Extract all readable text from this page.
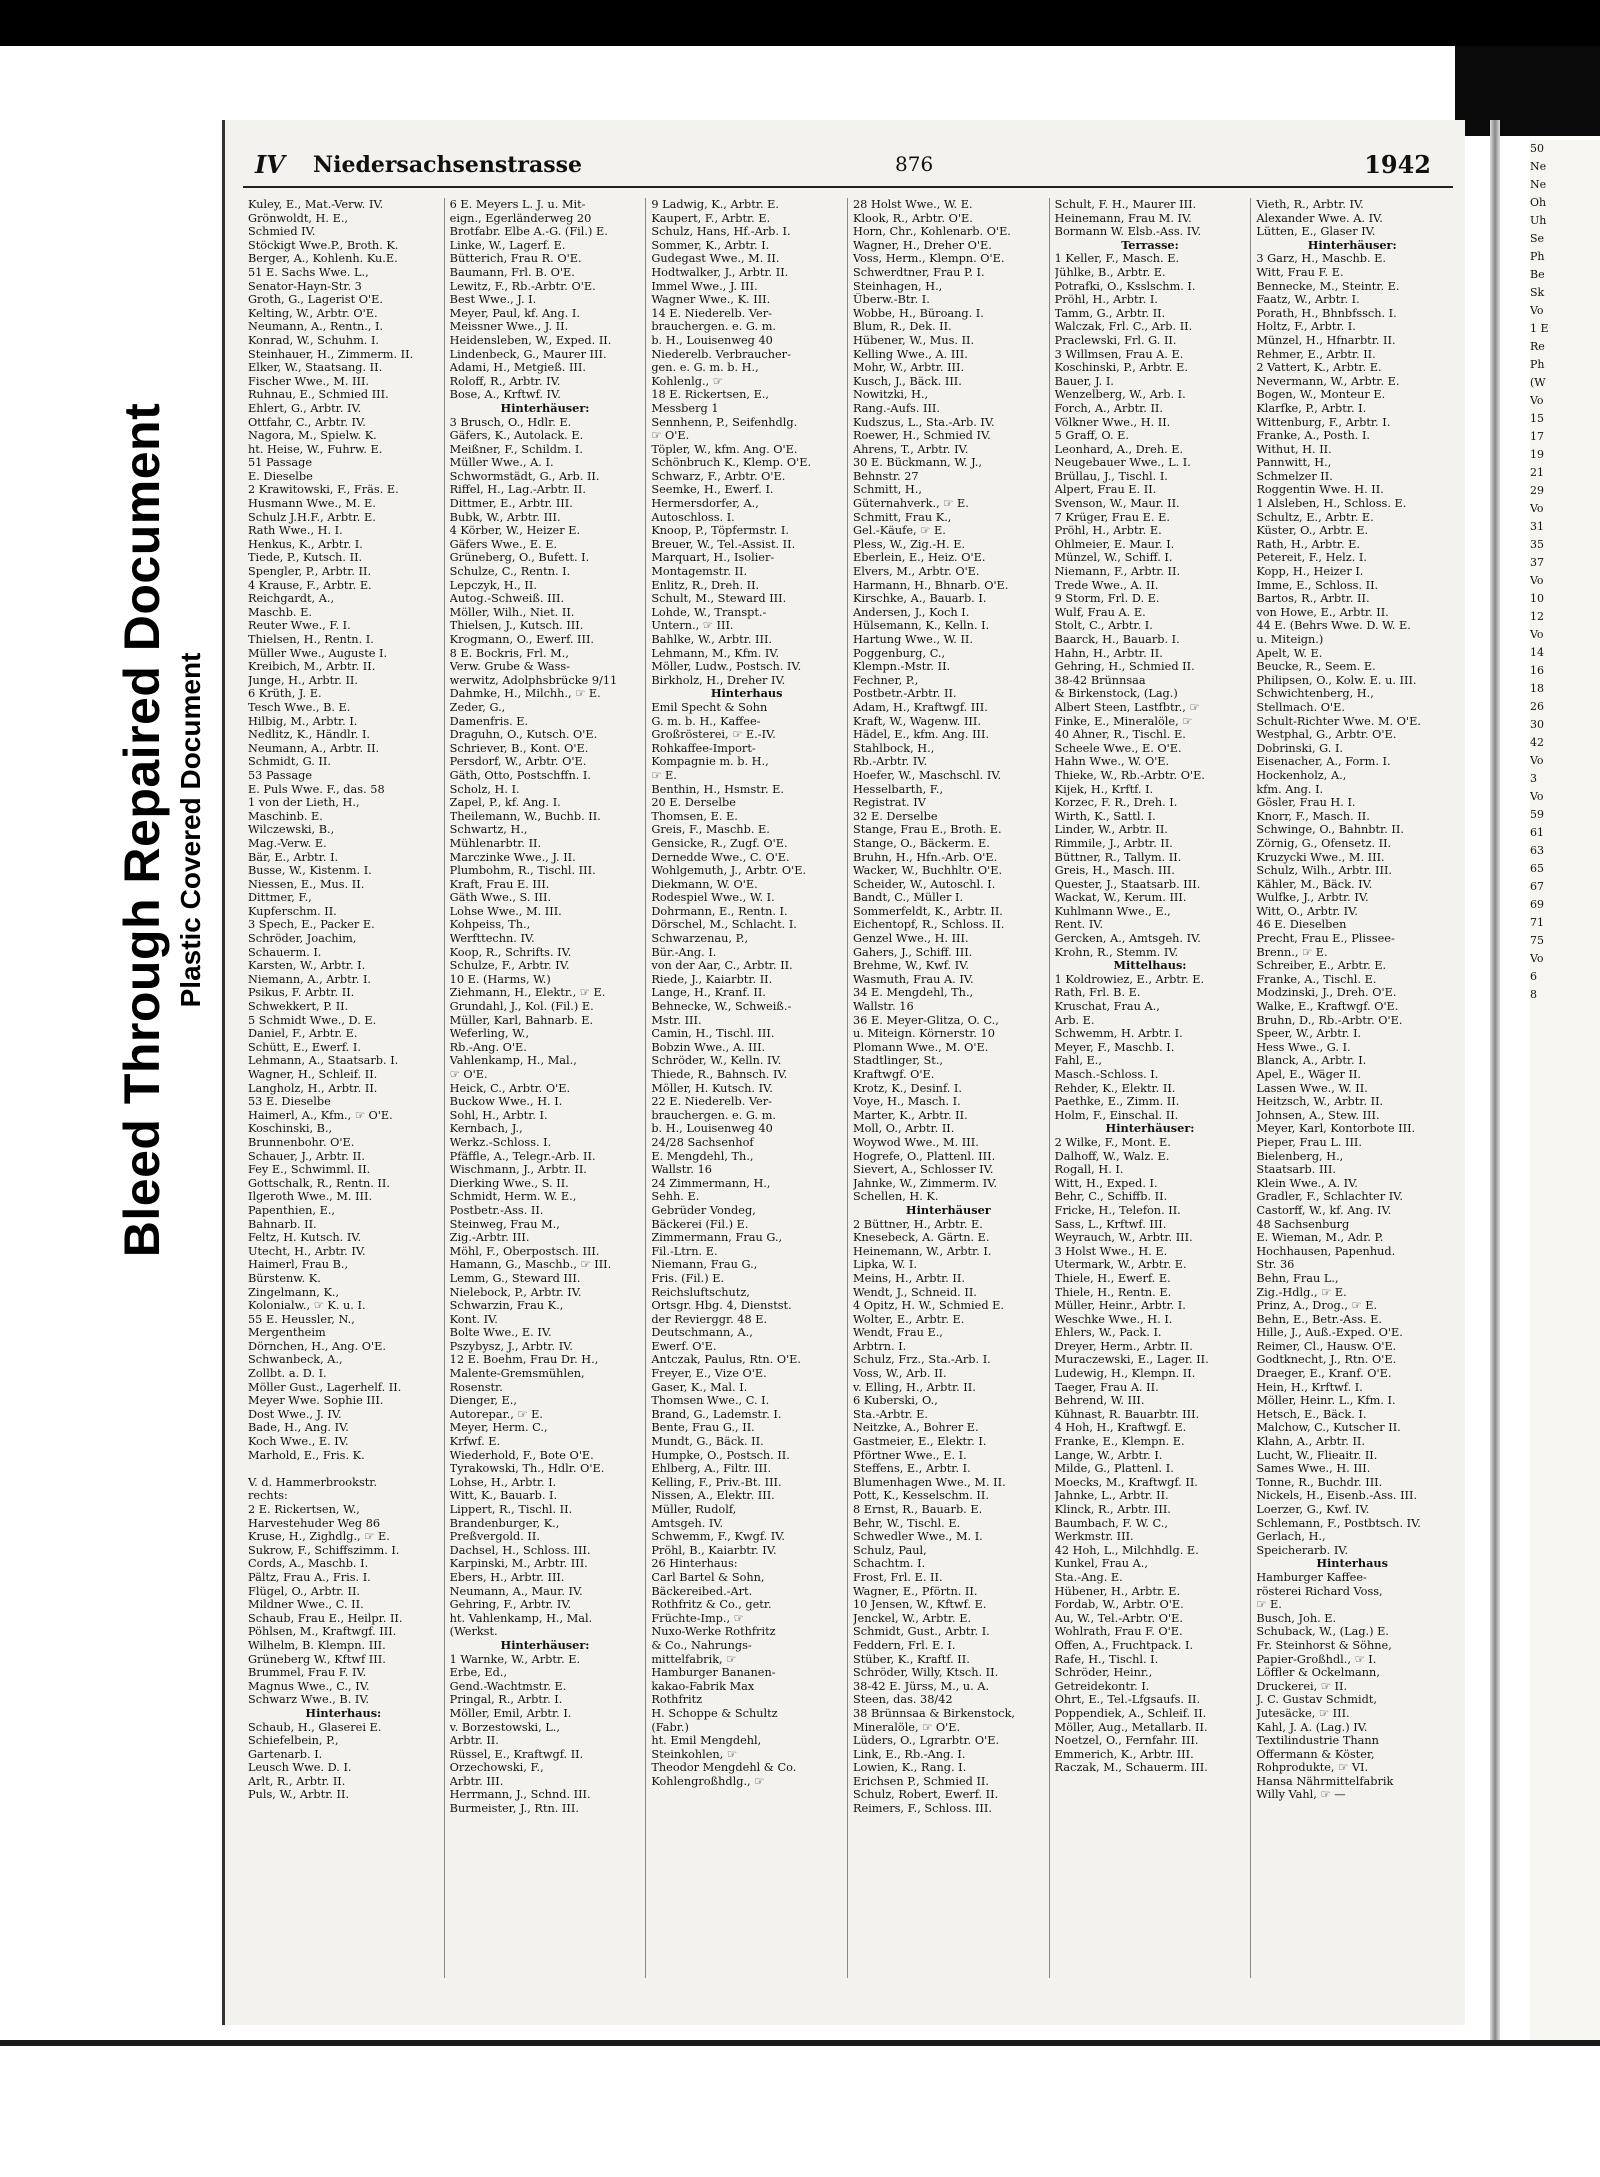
Bleed Through Repaired Document Plastic Covered Document
IV Niedersachsenstrasse	876	1942
Kuley, E., Mat.-Verw. IV.
Grönwoldt, H. E.,
Schmied IV.
Stöckigt Wwe.P., Broth. K.
Berger, A., Kohlenh. Ku.E.
51 E. Sachs Wwe. L.,
Senator-Hayn-Str. 3
Groth, G., Lagerist O'E.
Kelting, W., Arbtr. O'E.
Neumann, A., Rentn., I.
Konrad, W., Schuhm. I.
Steinhauer, H., Zimmerm. II.
Elker, W., Staatsang. II.
Fischer Wwe., M. III.
Ruhnau, E., Schmied III.
Ehlert, G., Arbtr. IV.
Ottfahr, C., Arbtr. IV.
Nagora, M., Spielw. K.
ht. Heise, W., Fuhrw. E.
51 Passage
E. Dieselbe
2 Krawitowski, F., Fräs. E.
Husmann Wwe., M. E.
Schulz J.H.F., Arbtr. E.
Rath Wwe., H. I.
Henkus, K., Arbtr. I.
Tiede, P., Kutsch. II.
Spengler, P., Arbtr. II.
4 Krause, F., Arbtr. E.
Reichgardt, A.,
Maschb. E.
Reuter Wwe., F. I.
Thielsen, H., Rentn. I.
Müller Wwe., Auguste I.
Kreibich, M., Arbtr. II.
Junge, H., Arbtr. II.
6 Krüth, J. E.
Tesch Wwe., B. E.
Hilbig, M., Arbtr. I.
Nedlitz, K., Händlr. I.
Neumann, A., Arbtr. II.
Schmidt, G. II.
53 Passage
E. Puls Wwe. F., das. 58
1 von der Lieth, H.,
Maschinb. E.
Wilczewski, B.,
Mag.-Verw. E.
Bär, E., Arbtr. I.
Busse, W., Kistenm. I.
Niessen, E., Mus. II.
Dittmer, F.,
Kupferschm. II.
3 Spech, E., Packer E.
Schröder, Joachim,
Schauerm. I.
Karsten, W., Arbtr. I.
Niemann, A., Arbtr. I.
Psikus, F. Arbtr. II.
Schwekkert, P. II.
5 Schmidt Wwe., D. E.
Daniel, F., Arbtr. E.
Schütt, E., Ewerf. I.
Lehmann, A., Staatsarb. I.
Wagner, H., Schleif. II.
Langholz, H., Arbtr. II.
53 E. Dieselbe
Haimerl, A., Kfm., ☞ O'E.
Koschinski, B.,
Brunnenbohr. O'E.
Schauer, J., Arbtr. II.
Fey E., Schwimml. II.
Gottschalk, R., Rentn. II.
Ilgeroth Wwe., M. III.
Papenthien, E.,
Bahnarb. II.
Feltz, H. Kutsch. IV.
Utecht, H., Arbtr. IV.
Haimerl, Frau B.,
Bürstenw. K.
Zingelmann, K.,
Kolonialw., ☞ K. u. I.
55 E. Heussler, N.,
Mergentheim
Dörnchen, H., Ang. O'E.
Schwanbeck, A.,
Zollbt. a. D. I.
Möller Gust., Lagerhelf. II.
Meyer Wwe. Sophie III.
Dost Wwe., J. IV.
Bade, H., Ang. IV.
Koch Wwe., E. IV.
Marhold, E., Fris. K.

V. d. Hammerbrookstr.
rechts:
2 E. Rickertsen, W.,
Harvestehuder Weg 86
Kruse, H., Zighdlg., ☞ E.
Sukrow, F., Schiffszimm. I.
Cords, A., Maschb. I.
Pältz, Frau A., Fris. I.
Flügel, O., Arbtr. II.
Mildner Wwe., C. II.
Schaub, Frau E., Heilpr. II.
Pöhlsen, M., Kraftwgf. III.
Wilhelm, B. Klempn. III.
Grüneberg W., Kftwf III.
Brummel, Frau F. IV.
Magnus Wwe., C., IV.
Schwarz Wwe., B. IV.
Hinterhaus:
Schaub, H., Glaserei E.
Schiefelbein, P.,
Gartenarb. I.
Leusch Wwe. D. I.
Arlt, R., Arbtr. II.
Puls, W., Arbtr. II.
6 E. Meyers L. J. u. Mit-
eign., Egerländerweg 20
Brotfabr. Elbe A.-G. (Fil.) E.
Linke, W., Lagerf. E.
Bütterich, Frau R. O'E.
Baumann, Frl. B. O'E.
Lewitz, F., Rb.-Arbtr. O'E.
Best Wwe., J. I.
Meyer, Paul, kf. Ang. I.
Meissner Wwe., J. II.
Heidensleben, W., Exped. II.
Lindenbeck, G., Maurer III.
Adami, H., Metgieß. III.
Roloff, R., Arbtr. IV.
Bose, A., Krftwf. IV.
Hinterhäuser:
3 Brusch, O., Hdlr. E.
Gäfers, K., Autolack. E.
Meißner, F., Schildm. I.
Müller Wwe., A. I.
Schwormstädt, G., Arb. II.
Riffel, H., Lag.-Arbtr. II.
Dittmer, E., Arbtr. III.
Bubk, W., Arbtr. III.
4 Körber, W., Heizer E.
Gäfers Wwe., E. E.
Grüneberg, O., Bufett. I.
Schulze, C., Rentn. I.
Lepczyk, H., II.
Autog.-Schweiß. III.
Möller, Wilh., Niet. II.
Thielsen, J., Kutsch. III.
Krogmann, O., Ewerf. III.
8 E. Bockris, Frl. M.,
Verw. Grube & Wass-
werwitz, Adolphsbrücke 9/11
Dahmke, H., Milchh., ☞ E.
Zeder, G.,
Damenfris. E.
Draguhn, O., Kutsch. O'E.
Schriever, B., Kont. O'E.
Persdorf, W., Arbtr. O'E.
Gäth, Otto, Postschffn. I.
Scholz, H. I.
Zapel, P., kf. Ang. I.
Theilemann, W., Buchb. II.
Schwartz, H.,
Mühlenarbtr. II.
Marczinke Wwe., J. II.
Plumbohm, R., Tischl. III.
Kraft, Frau E. III.
Gäth Wwe., S. III.
Lohse Wwe., M. III.
Kohpeiss, Th.,
Werfttechn. IV.
Koop, R., Schrifts. IV.
Schulze, F., Arbtr. IV.
10 E. (Harms, W.)
Ziehmann, H., Elektr., ☞ E.
Grundahl, J., Kol. (Fil.) E.
Müller, Karl, Bahnarb. E.
Weferling, W.,
Rb.-Ang. O'E.
Vahlenkamp, H., Mal.,
☞ O'E.
Heick, C., Arbtr. O'E.
Buckow Wwe., H. I.
Sohl, H., Arbtr. I.
Kernbach, J.,
Werkz.-Schloss. I.
Pfäffle, A., Telegr.-Arb. II.
Wischmann, J., Arbtr. II.
Dierking Wwe., S. II.
Schmidt, Herm. W. E.,
Postbetr.-Ass. II.
Steinweg, Frau M.,
Zig.-Arbtr. III.
Möhl, F., Oberpostsch. III.
Hamann, G., Maschb., ☞ III.
Lemm, G., Steward III.
Nielebock, P., Arbtr. IV.
Schwarzin, Frau K.,
Kont. IV.
Bolte Wwe., E. IV.
Pszybysz, J., Arbtr. IV.
12 E. Boehm, Frau Dr. H.,
Malente-Gremsmühlen,
Rosenstr.
Dienger, E.,
Autorepar., ☞ E.
Meyer, Herm. C.,
Krfwf. E.
Wiederhold, F., Bote O'E.
Tyrakowski, Th., Hdlr. O'E.
Lohse, H., Arbtr. I.
Witt, K., Bauarb. I.
Lippert, R., Tischl. II.
Brandenburger, K.,
Preßvergold. II.
Dachsel, H., Schloss. III.
Karpinski, M., Arbtr. III.
Ebers, H., Arbtr. III.
Neumann, A., Maur. IV.
Gehring, F., Arbtr. IV.
ht. Vahlenkamp, H., Mal.
(Werkst.
Hinterhäuser:
1 Warnke, W., Arbtr. E.
Erbe, Ed.,
Gend.-Wachtmstr. E.
Pringal, R., Arbtr. I.
Möller, Emil, Arbtr. I.
v. Borzestowski, L.,
Arbtr. II.
Rüssel, E., Kraftwgf. II.
Orzechowski, F.,
Arbtr. III.
Herrmann, J., Schnd. III.
Burmeister, J., Rtn. III.
9 Ladwig, K., Arbtr. E.
Kaupert, F., Arbtr. E.
Schulz, Hans, Hf.-Arb. I.
Sommer, K., Arbtr. I.
Gudegast Wwe., M. II.
Hodtwalker, J., Arbtr. II.
Immel Wwe., J. III.
Wagner Wwe., K. III.
14 E. Niederelb. Ver-
brauchergen. e. G. m.
b. H., Louisenweg 40
Niederelb. Verbraucher-
gen. e. G. m. b. H.,
Kohlenlg., ☞
18 E. Rickertsen, E.,
Messberg 1
Sennhenn, P., Seifenhdlg.
☞ O'E.
Töpler, W., kfm. Ang. O'E.
Schönbruch K., Klemp. O'E.
Schwarz, F., Arbtr. O'E.
Seemke, H., Ewerf. I.
Hermersdorfer, A.,
Autoschloss. I.
Knoop, P., Töpfermstr. I.
Breuer, W., Tel.-Assist. II.
Marquart, H., Isolier-
Montagemstr. II.
Enlitz, R., Dreh. II.
Schult, M., Steward III.
Lohde, W., Transpt.-
Untern., ☞ III.
Bahlke, W., Arbtr. III.
Lehmann, M., Kfm. IV.
Möller, Ludw., Postsch. IV.
Birkholz, H., Dreher IV.
Hinterhaus
Emil Specht & Sohn
G. m. b. H., Kaffee-
Großrösterei, ☞ E.-IV.
Rohkaffee-Import-
Kompagnie m. b. H.,
☞ E.
Benthin, H., Hsmstr. E.
20 E. Derselbe
Thomsen, E. E.
Greis, F., Maschb. E.
Gensicke, R., Zugf. O'E.
Dernedde Wwe., C. O'E.
Wohlgemuth, J., Arbtr. O'E.
Diekmann, W. O'E.
Rodespiel Wwe., W. I.
Dohrmann, E., Rentn. I.
Dörschel, M., Schlacht. I.
Schwarzenau, P.,
Bür.-Ang. I.
von der Aar, C., Arbtr. II.
Riede, J., Kaiarbtr. II.
Lange, H., Kranf. II.
Behnecke, W., Schweiß.-
Mstr. III.
Camin, H., Tischl. III.
Bobzin Wwe., A. III.
Schröder, W., Kelln. IV.
Thiede, R., Bahnsch. IV.
Möller, H. Kutsch. IV.
22 E. Niederelb. Ver-
brauchergen. e. G. m.
b. H., Louisenweg 40
24/28 Sachsenhof
E. Mengdehl, Th.,
Wallstr. 16
24 Zimmermann, H.,
Sehh. E.
Gebrüder Vondeg,
Bäckerei (Fil.) E.
Zimmermann, Frau G.,
Fil.-Ltrn. E.
Niemann, Frau G.,
Fris. (Fil.) E.
Reichsluftschutz,
Ortsgr. Hbg. 4, Dienstst.
der Revierggr. 48 E.
Deutschmann, A.,
Ewerf. O'E.
Antczak, Paulus, Rtn. O'E.
Freyer, E., Vize O'E.
Gaser, K., Mal. I.
Thomsen Wwe., C. I.
Brand, G., Lademstr. I.
Bente, Frau G., II.
Mundt, G., Bäck. II.
Humpke, O., Postsch. II.
Ehlberg, A., Filtr. III.
Kelling, F., Priv.-Bt. III.
Nissen, A., Elektr. III.
Müller, Rudolf,
Amtsgeh. IV.
Schwemm, F., Kwgf. IV.
Pröhl, B., Kaiarbtr. IV.
26 Hinterhaus:
Carl Bartel & Sohn,
Bäckereibed.-Art.
Rothfritz & Co., getr.
Früchte-Imp., ☞
Nuxo-Werke Rothfritz
& Co., Nahrungs-
mittelfabrik, ☞
Hamburger Bananen-
kakao-Fabrik Max
Rothfritz
H. Schoppe & Schultz
(Fabr.)
ht. Emil Mengdehl,
Steinkohlen, ☞
Theodor Mengdehl & Co.
Kohlengroßhdlg., ☞
28 Holst Wwe., W. E.
Klook, R., Arbtr. O'E.
Horn, Chr., Kohlenarb. O'E.
Wagner, H., Dreher O'E.
Voss, Herm., Klempn. O'E.
Schwerdtner, Frau P. I.
Steinhagen, H.,
Überw.-Btr. I.
Wobbe, H., Büroang. I.
Blum, R., Dek. II.
Hübener, W., Mus. II.
Kelling Wwe., A. III.
Mohr, W., Arbtr. III.
Kusch, J., Bäck. III.
Nowitzki, H.,
Rang.-Aufs. III.
Kudszus, L., Sta.-Arb. IV.
Roewer, H., Schmied IV.
Ahrens, T., Arbtr. IV.
30 E. Bückmann, W. J.,
Behnstr. 27
Schmitt, H.,
Güternahverk., ☞ E.
Schmitt, Frau K.,
Gel.-Käufe, ☞ E.
Pless, W., Zig.-H. E.
Eberlein, E., Heiz. O'E.
Elvers, M., Arbtr. O'E.
Harmann, H., Bhnarb. O'E.
Kirschke, A., Bauarb. I.
Andersen, J., Koch I.
Hülsemann, K., Kelln. I.
Hartung Wwe., W. II.
Poggenburg, C.,
Klempn.-Mstr. II.
Fechner, P.,
Postbetr.-Arbtr. II.
Adam, H., Kraftwgf. III.
Kraft, W., Wagenw. III.
Hädel, E., kfm. Ang. III.
Stahlbock, H.,
Rb.-Arbtr. IV.
Hoefer, W., Maschschl. IV.
Hesselbarth, F.,
Registrat. IV
32 E. Derselbe
Stange, Frau E., Broth. E.
Stange, O., Bäckerm. E.
Bruhn, H., Hfn.-Arb. O'E.
Wacker, W., Buchhltr. O'E.
Scheider, W., Autoschl. I.
Bandt, C., Müller I.
Sommerfeldt, K., Arbtr. II.
Eichentopf, R., Schloss. II.
Genzel Wwe., H. III.
Gahers, J., Schiff. III.
Brehme, W., Kwf. IV.
Wasmuth, Frau A. IV.
34 E. Mengdehl, Th.,
Wallstr. 16
36 E. Meyer-Glitza, O. C.,
u. Miteign. Körnerstr. 10
Plomann Wwe., M. O'E.
Stadtlinger, St.,
Kraftwgf. O'E.
Krotz, K., Desinf. I.
Voye, H., Masch. I.
Marter, K., Arbtr. II.
Moll, O., Arbtr. II.
Woywod Wwe., M. III.
Hogrefe, O., Plattenl. III.
Sievert, A., Schlosser IV.
Jahnke, W., Zimmerm. IV.
Schellen, H. K.
Hinterhäuser
2 Büttner, H., Arbtr. E.
Knesebeck, A. Gärtn. E.
Heinemann, W., Arbtr. I.
Lipka, W. I.
Meins, H., Arbtr. II.
Wendt, J., Schneid. II.
4 Opitz, H. W., Schmied E.
Wolter, E., Arbtr. E.
Wendt, Frau E.,
Arbtrn. I.
Schulz, Frz., Sta.-Arb. I.
Voss, W., Arb. II.
v. Elling, H., Arbtr. II.
6 Kuberski, O.,
Sta.-Arbtr. E.
Neitzke, A., Bohrer E.
Gastmeier, E., Elektr. I.
Pförtner Wwe., E. I.
Steffens, E., Arbtr. I.
Blumenhagen Wwe., M. II.
Pott, K., Kesselschm. II.
8 Ernst, R., Bauarb. E.
Behr, W., Tischl. E.
Schwedler Wwe., M. I.
Schulz, Paul,
Schachtm. I.
Frost, Frl. E. II.
Wagner, E., Pförtn. II.
10 Jensen, W., Kftwf. E.
Jenckel, W., Arbtr. E.
Schmidt, Gust., Arbtr. I.
Feddern, Frl. E. I.
Stüber, K., Kraftf. II.
Schröder, Willy, Ktsch. II.
38-42 E. Jürss, M., u. A.
Steen, das. 38/42
38 Brünnsaa & Birkenstock,
Mineralöle, ☞ O'E.
Lüders, O., Lgrarbtr. O'E.
Link, E., Rb.-Ang. I.
Lowien, K., Rang. I.
Erichsen P., Schmied II.
Schulz, Robert, Ewerf. II.
Reimers, F., Schloss. III.
Schult, F. H., Maurer III.
Heinemann, Frau M. IV.
Bormann W. Elsb.-Ass. IV.
Terrasse:
1 Keller, F., Masch. E.
Jühlke, B., Arbtr. E.
Potrafki, O., Ksslschm. I.
Pröhl, H., Arbtr. I.
Tamm, G., Arbtr. II.
Walczak, Frl. C., Arb. II.
Praclewski, Frl. G. II.
3 Willmsen, Frau A. E.
Koschinski, P., Arbtr. E.
Bauer, J. I.
Wenzelberg, W., Arb. I.
Forch, A., Arbtr. II.
Völkner Wwe., H. II.
5 Graff, O. E.
Leonhard, A., Dreh. E.
Neugebauer Wwe., L. I.
Brüllau, J., Tischl. I.
Alpert, Frau E. II.
Svenson, W., Maur. II.
7 Krüger, Frau E. E.
Pröhl, H., Arbtr. E.
Ohlmeier, E. Maur. I.
Münzel, W., Schiff. I.
Niemann, F., Arbtr. II.
Trede Wwe., A. II.
9 Storm, Frl. D. E.
Wulf, Frau A. E.
Stolt, C., Arbtr. I.
Baarck, H., Bauarb. I.
Hahn, H., Arbtr. II.
Gehring, H., Schmied II.
38-42 Brünnsaa
& Birkenstock, (Lag.)
Albert Steen, Lastfbtr., ☞
Finke, E., Mineralöle, ☞
40 Ahner, R., Tischl. E.
Scheele Wwe., E. O'E.
Hahn Wwe., W. O'E.
Thieke, W., Rb.-Arbtr. O'E.
Kijek, H., Krftf. I.
Korzec, F. R., Dreh. I.
Wirth, K., Sattl. I.
Linder, W., Arbtr. II.
Rimmile, J., Arbtr. II.
Büttner, R., Tallym. II.
Greis, H., Masch. III.
Quester, J., Staatsarb. III.
Wackat, W., Kerum. III.
Kuhlmann Wwe., E.,
Rent. IV.
Gercken, A., Amtsgeh. IV.
Krohn, R., Stemm. IV.
Mittelhaus:
1 Koldrowiez, E., Arbtr. E.
Rath, Frl. B. E.
Kruschat, Frau A.,
Arb. E.
Schwemm, H. Arbtr. I.
Meyer, F., Maschb. I.
Fahl, E.,
Masch.-Schloss. I.
Rehder, K., Elektr. II.
Paethke, E., Zimm. II.
Holm, F., Einschal. II.
Hinterhäuser:
2 Wilke, F., Mont. E.
Dalhoff, W., Walz. E.
Rogall, H. I.
Witt, H., Exped. I.
Behr, C., Schiffb. II.
Fricke, H., Telefon. II.
Sass, L., Krftwf. III.
Weyrauch, W., Arbtr. III.
3 Holst Wwe., H. E.
Utermark, W., Arbtr. E.
Thiele, H., Ewerf. E.
Thiele, H., Rentn. E.
Müller, Heinr., Arbtr. I.
Weschke Wwe., H. I.
Ehlers, W., Pack. I.
Dreyer, Herm., Arbtr. II.
Muraczewski, E., Lager. II.
Ludewig, H., Klempn. II.
Taeger, Frau A. II.
Behrend, W. III.
Kühnast, R. Bauarbtr. III.
4 Hoh, H., Kraftwgf. E.
Franke, E., Klempn. E.
Lange, W., Arbtr. I.
Milde, G., Plattenl. I.
Moecks, M., Kraftwgf. II.
Jahnke, L., Arbtr. II.
Klinck, R., Arbtr. III.
Baumbach, F. W. C.,
Werkmstr. III.
42 Hoh, L., Milchhdlg. E.
Kunkel, Frau A.,
Sta.-Ang. E.
Hübener, H., Arbtr. E.
Fordab, W., Arbtr. O'E.
Au, W., Tel.-Arbtr. O'E.
Wohlrath, Frau F. O'E.
Offen, A., Fruchtpack. I.
Rafe, H., Tischl. I.
Schröder, Heinr.,
Getreidekontr. I.
Ohrt, E., Tel.-Lfgsaufs. II.
Poppendiek, A., Schleif. II.
Möller, Aug., Metallarb. II.
Noetzel, O., Fernfahr. III.
Emmerich, K., Arbtr. III.
Raczak, M., Schauerm. III.
Vieth, R., Arbtr. IV.
Alexander Wwe. A. IV.
Lütten, E., Glaser IV.
Hinterhäuser:
3 Garz, H., Maschb. E.
Witt, Frau F. E.
Bennecke, M., Steintr. E.
Faatz, W., Arbtr. I.
Porath, H., Bhnbfssch. I.
Holtz, F., Arbtr. I.
Münzel, H., Hfnarbtr. II.
Rehmer, E., Arbtr. II.
2 Vattert, K., Arbtr. E.
Nevermann, W., Arbtr. E.
Bogen, W., Monteur E.
Klarfke, P., Arbtr. I.
Wittenburg, F., Arbtr. I.
Franke, A., Posth. I.
Withut, H. II.
Pannwitt, H.,
Schmelzer II.
Roggentin Wwe. H. II.
1 Alsleben, H., Schloss. E.
Schultz, E., Arbtr. E.
Küster, O., Arbtr. E.
Rath, H., Arbtr. E.
Petereit, F., Helz. I.
Kopp, H., Heizer I.
Imme, E., Schloss. II.
Bartos, R., Arbtr. II.
von Howe, E., Arbtr. II.
44 E. (Behrs Wwe. D. W. E.
u. Miteign.)
Apelt, W. E.
Beucke, R., Seem. E.
Philipsen, O., Kolw. E. u. III.
Schwichtenberg, H.,
Stellmach. O'E.
Schult-Richter Wwe. M. O'E.
Westphal, G., Arbtr. O'E.
Dobrinski, G. I.
Eisenacher, A., Form. I.
Hockenholz, A.,
kfm. Ang. I.
Gösler, Frau H. I.
Knorr, F., Masch. II.
Schwinge, O., Bahnbtr. II.
Zörnig, G., Ofensetz. II.
Kruzycki Wwe., M. III.
Schulz, Wilh., Arbtr. III.
Kähler, M., Bäck. IV.
Wulfke, J., Arbtr. IV.
Witt, O., Arbtr. IV.
46 E. Dieselben
Precht, Frau E., Plissee-
Brenn., ☞ E.
Schreiber, E., Arbtr. E.
Franke, A., Tischl. E.
Modzinski, J., Dreh. O'E.
Walke, E., Kraftwgf. O'E.
Bruhn, D., Rb.-Arbtr. O'E.
Speer, W., Arbtr. I.
Hess Wwe., G. I.
Blanck, A., Arbtr. I.
Apel, E., Wäger II.
Lassen Wwe., W. II.
Heitzsch, W., Arbtr. II.
Johnsen, A., Stew. III.
Meyer, Karl, Kontorbote III.
Pieper, Frau L. III.
Bielenberg, H.,
Staatsarb. III.
Klein Wwe., A. IV.
Gradler, F., Schlachter IV.
Castorff, W., kf. Ang. IV.
48 Sachsenburg
E. Wieman, M., Adr. P.
Hochhausen, Papenhud.
Str. 36
Behn, Frau L.,
Zig.-Hdlg., ☞ E.
Prinz, A., Drog., ☞ E.
Behn, E., Betr.-Ass. E.
Hille, J., Auß.-Exped. O'E.
Reimer, Cl., Hausw. O'E.
Godtknecht, J., Rtn. O'E.
Draeger, E., Kranf. O'E.
Hein, H., Krftwf. I.
Möller, Heinr. L., Kfm. I.
Hetsch, E., Bäck. I.
Malchow, C., Kutscher II.
Klahn, A., Arbtr. II.
Lucht, W., Flieaitr. II.
Sames Wwe., H. III.
Tonne, R., Buchdr. III.
Nickels, H., Eisenb.-Ass. III.
Loerzer, G., Kwf. IV.
Schlemann, F., Postbtsch. IV.
Gerlach, H.,
Speicherarb. IV.
Hinterhaus
Hamburger Kaffee-
rösterei Richard Voss,
☞ E.
Busch, Joh. E.
Schuback, W., (Lag.) E.
Fr. Steinhorst & Söhne,
Papier-Großhdl., ☞ I.
Löffler & Ockelmann,
Druckerei, ☞ II.
J. C. Gustav Schmidt,
Jutesäcke, ☞ III.
Kahl, J. A. (Lag.) IV.
Textilindustrie Thann
Offermann & Köster,
Rohprodukte, ☞ VI.
Hansa Nährmittelfabrik
Willy Vahl, ☞ —
50
Ne
Ne
Oh
Uh
Se
Ph
Be
Sk
Vo
1 E
Re
Ph
(W
Vo
15
17
19
21
29
Vo
31
35
37
Vo
10
12
Vo
14
16
18
26
30
42
Vo
3
Vo
59
61
63
65
67
69
71
75
Vo
6
8
